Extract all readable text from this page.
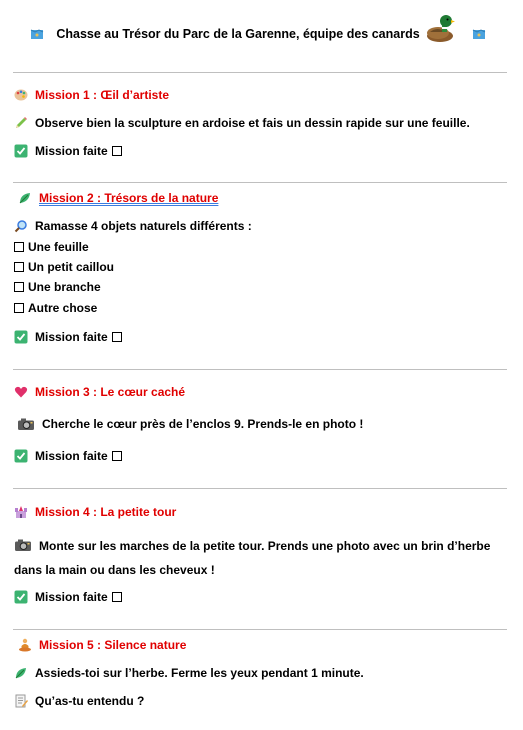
Chasse au Trésor du Parc de la Garenne, équipe des canards
Mission 1 : Œil d’artiste
Observe bien la sculpture en ardoise et fais un dessin rapide sur une feuille.
Mission faite
Mission 2 : Trésors de la nature
Ramasse 4 objets naturels différents :
Une feuille
Un petit caillou
Une branche
Autre chose
Mission faite
Mission 3 : Le cœur caché
Cherche le cœur près de l’enclos 9. Prends-le en photo !
Mission faite
Mission 4 : La petite tour
Monte sur les marches de la petite tour. Prends une photo avec un brin d’herbe dans la main ou dans les cheveux !
Mission faite
Mission 5 : Silence nature
Assieds-toi sur l’herbe. Ferme les yeux pendant 1 minute.
Qu’as-tu entendu ?
